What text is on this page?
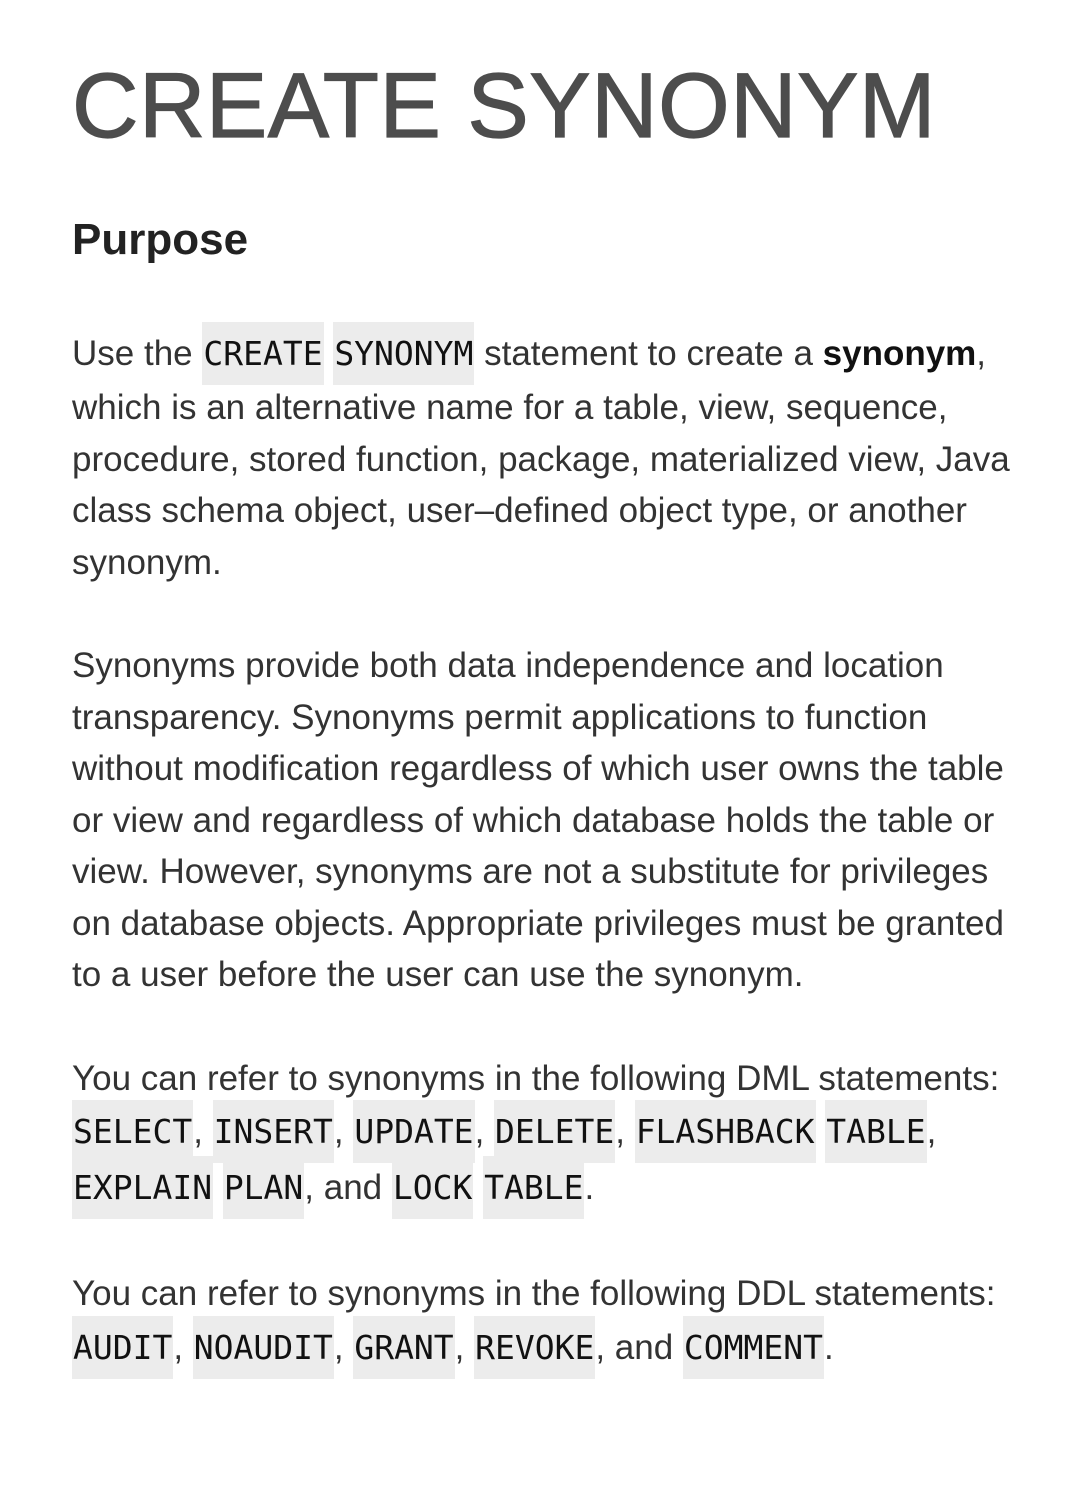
CREATE SYNONYM
Purpose

Use the CREATE SYNONYM statement to create a synonym, which is an alternative name for a table, view, sequence, procedure, stored function, package, materialized view, Java class schema object, user–defined object type, or another synonym.

Synonyms provide both data independence and location transparency. Synonyms permit applications to function without modification regardless of which user owns the table or view and regardless of which database holds the table or view. However, synonyms are not a substitute for privileges on database objects. Appropriate privileges must be granted to a user before the user can use the synonym.

You can refer to synonyms in the following DML statements: SELECT, INSERT, UPDATE, DELETE, FLASHBACK TABLE, EXPLAIN PLAN, and LOCK TABLE.

You can refer to synonyms in the following DDL statements: AUDIT, NOAUDIT, GRANT, REVOKE, and COMMENT.
